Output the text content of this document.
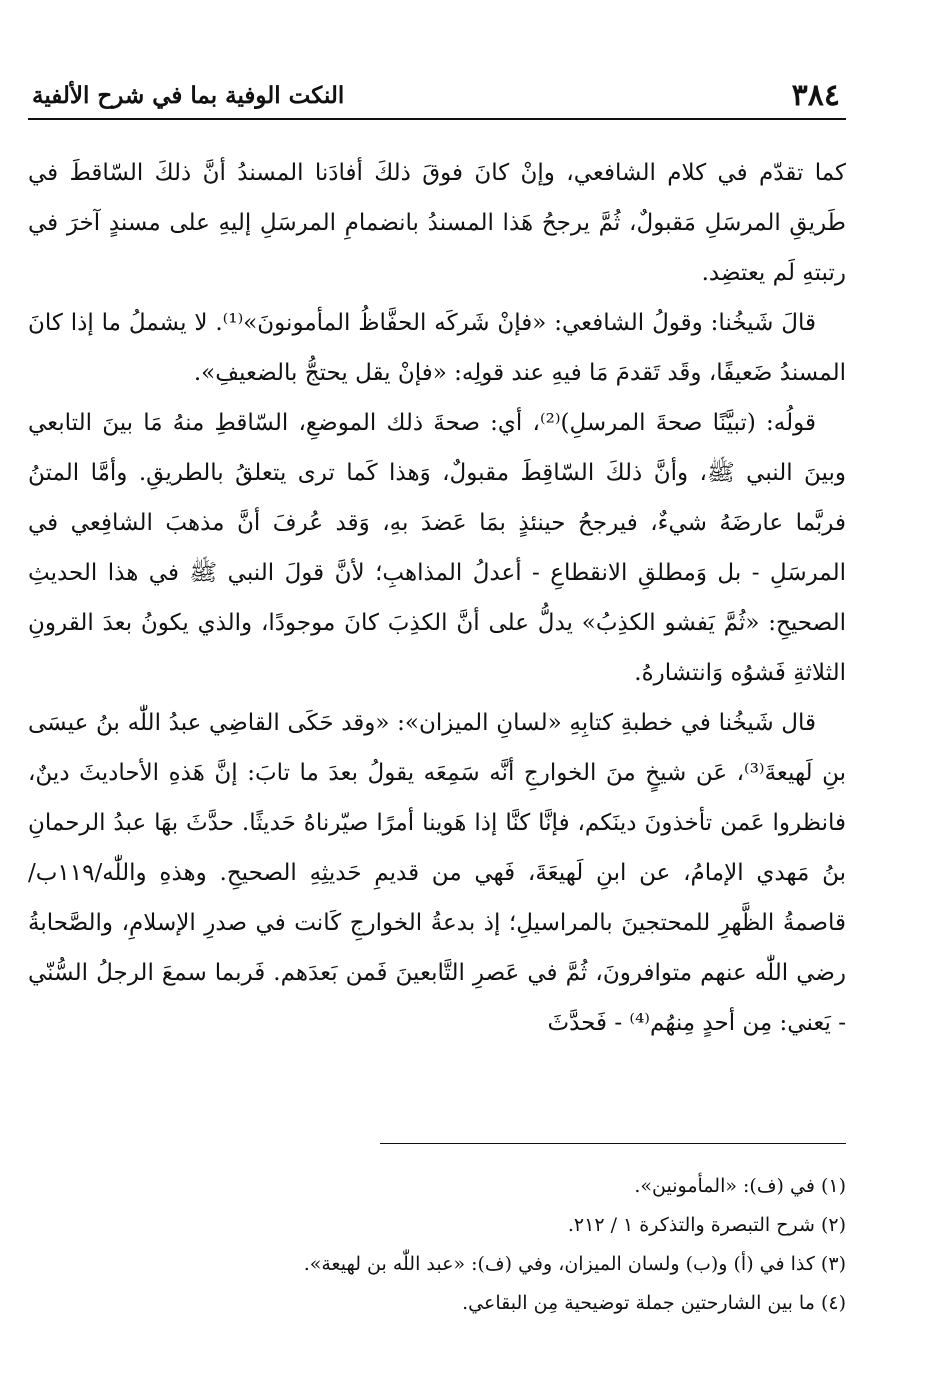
٣٨٤
النكت الوفية بما في شرح الألفية

كما تقدّم في كلام الشافعي، وإنْ كانَ فوقَ ذلكَ أفادَنا المسندُ أنَّ ذلكَ السّاقطَ في طَريقِ المرسَلِ مَقبولٌ، ثُمَّ يرجحُ هَذا المسندُ بانضمامِ المرسَلِ إليهِ على مسندٍ آخرَ في رتبتهِ لَم يعتضِد.

قالَ شَيخُنا: وقولُ الشافعي: «فإنْ شَركَه الحفَّاظُ المأمونونَ»⁽¹⁾. لا يشملُ ما إذا كانَ المسندُ ضَعيفًا، وقَد تَقدمَ مَا فيهِ عند قولِه: «فإنْ يقل يحتجُّ بالضعيفِ».

قولُه: (تبيَّنًا صحةَ المرسلِ)⁽²⁾، أي: صحةَ ذلك الموضعِ، السّاقطِ منهُ مَا بينَ التابعي وبينَ النبي ﷺ، وأنَّ ذلكَ السّاقِطَ مقبولٌ، وَهذا كَما ترى يتعلقُ بالطريقِ. وأمَّا المتنُ فربَّما عارضَهُ شيءٌ، فيرجحُ حينئذٍ بمَا عَضدَ بهِ، وَقد عُرفَ أنَّ مذهبَ الشافِعي في المرسَلِ - بل وَمطلقِ الانقطاعِ - أعدلُ المذاهبِ؛ لأنَّ قولَ النبي ﷺ في هذا الحديثِ الصحيحِ: «ثُمَّ يَفشو الكذِبُ» يدلُّ على أنَّ الكذِبَ كانَ موجودًا، والذي يكونُ بعدَ القرونِ الثلاثةِ فَشوُه وَانتشارهُ.

قال شَيخُنا في خطبةِ كتابِهِ «لسانِ الميزان»: «وقد حَكَى القاضِي عبدُ اللّٰه بنُ عيسَى بنِ لَهيعةَ⁽³⁾، عَن شيخٍ منَ الخوارجِ أنَّه سَمِعَه يقولُ بعدَ ما تابَ: إنَّ هَذهِ الأحاديثَ دينٌ، فانظروا عَمن تأخذونَ دينَكم، فإنَّا كنَّا إذا هَوينا أمرًا صيّرناهُ حَديثًا. حدَّثَ بهَا عبدُ الرحمانِ بنُ مَهدي الإمامُ، عن ابنِ لَهيعَةَ، فَهي من قديمِ حَديثِهِ الصحيحِ. وهذهِ واللّٰه/١١٩ب/ قاصمةُ الظَّهرِ للمحتجينَ بالمراسيلِ؛ إذ بدعةُ الخوارجِ كَانت في صدرِ الإسلامِ، والصَّحابةُ رضي اللّٰه عنهم متوافرونَ، ثُمَّ في عَصرِ التَّابعينَ فَمن بَعدَهم. فَربما سمعَ الرجلُ السُّنّي - يَعني: مِن أحدٍ مِنهُم⁽⁴⁾ - فَحدَّثَ

(١) في (ف): «المأمونين».

(٢) شرح التبصرة والتذكرة ١ / ٢١٢.

(٣) كذا في (أ) و(ب) ولسان الميزان، وفي (ف): «عبد اللّٰه بن لهيعة».

(٤) ما بين الشارحتين جملة توضيحية مِن البقاعي.
